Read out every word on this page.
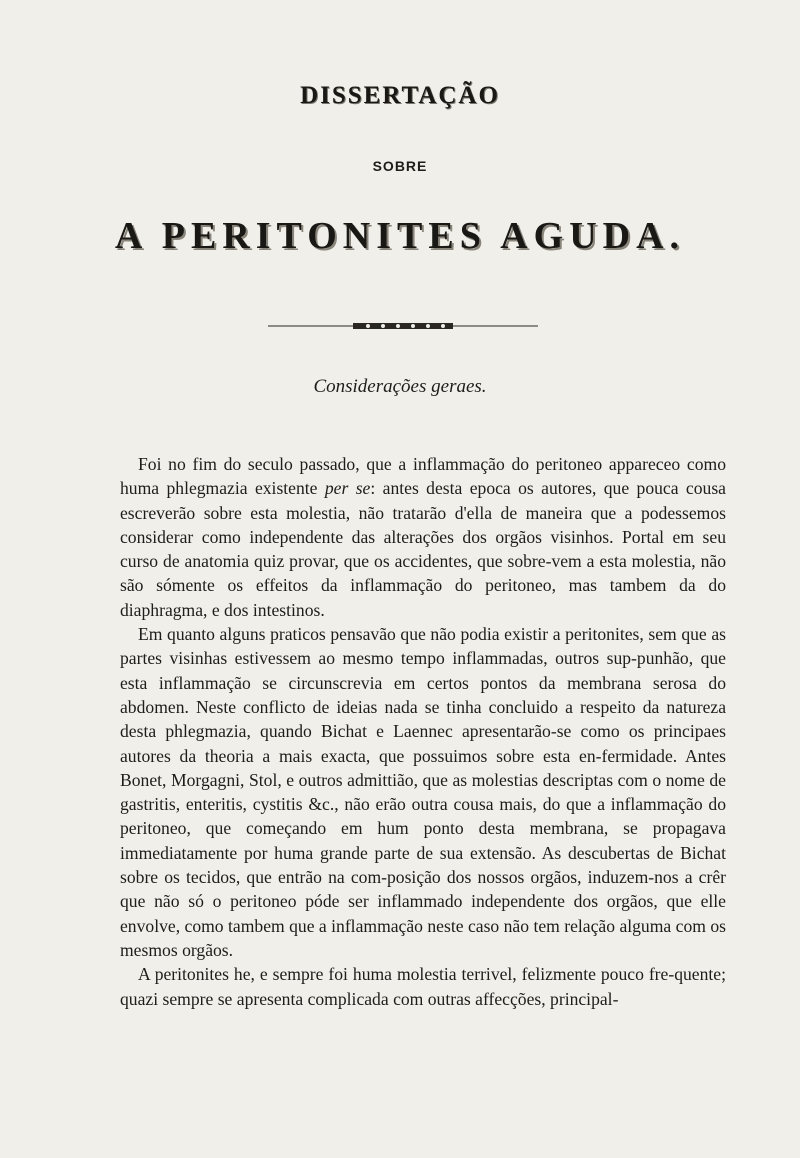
DISSERTAÇÃO
SOBRE
A PERITONITES AGUDA.
Considerações geraes.

Foi no fim do seculo passado, que a inflammação do peritoneo appareceo como huma phlegmazia existente per se: antes desta epoca os autores, que pouca cousa escreverão sobre esta molestia, não tratarão d'ella de maneira que a podessemos considerar como independente das alterações dos orgãos visinhos. Portal em seu curso de anatomia quiz provar, que os accidentes, que sobre-vem a esta molestia, não são sómente os effeitos da inflammação do peritoneo, mas tambem da do diaphragma, e dos intestinos.

Em quanto alguns praticos pensavão que não podia existir a peritonites, sem que as partes visinhas estivessem ao mesmo tempo inflammadas, outros sup-punhão, que esta inflammação se circunscrevia em certos pontos da membrana serosa do abdomen. Neste conflicto de ideias nada se tinha concluido a respeito da natureza desta phlegmazia, quando Bichat e Laennec apresentarão-se como os principaes autores da theoria a mais exacta, que possuimos sobre esta en-fermidade. Antes Bonet, Morgagni, Stol, e outros admittião, que as molestias descriptas com o nome de gastritis, enteritis, cystitis &c., não erão outra cousa mais, do que a inflammação do peritoneo, que começando em hum ponto desta membrana, se propagava immediatamente por huma grande parte de sua extensão. As descubertas de Bichat sobre os tecidos, que entrão na com-posição dos nossos orgãos, induzem-nos a crêr que não só o peritoneo póde ser inflammado independente dos orgãos, que elle envolve, como tambem que a inflammação neste caso não tem relação alguma com os mesmos orgãos.

A peritonites he, e sempre foi huma molestia terrivel, felizmente pouco fre-quente; quazi sempre se apresenta complicada com outras affecções, principal-
